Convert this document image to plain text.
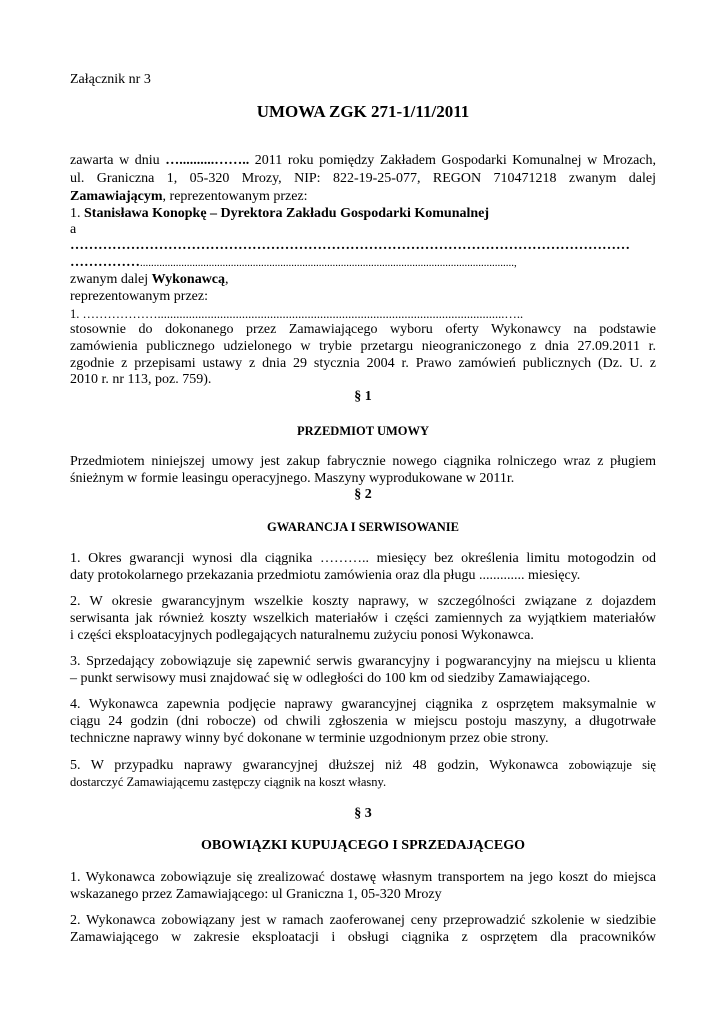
Załącznik nr 3
UMOWA ZGK 271-1/11/2011
zawarta w dniu …..........…….. 2011 roku pomiędzy Zakładem Gospodarki Komunalnej w Mrozach,
ul. Graniczna 1, 05-320 Mrozy, NIP: 822-19-25-077, REGON 710471218 zwanym dalej
Zamawiającym, reprezentowanym przez:
1. Stanisława Konopkę – Dyrektora Zakładu Gospodarki Komunalnej
a
…………………………………………………………………………………………………………
……………........................................................................................................................................,
zwanym dalej Wykonawcą,
reprezentowanym przez:
1. ………………...............................................................................................................…..
stosownie do dokonanego przez Zamawiającego wyboru oferty Wykonawcy na podstawie
zamówienia publicznego udzielonego w trybie przetargu nieograniczonego z dnia 27.09.2011 r.
zgodnie z przepisami ustawy z dnia 29 stycznia 2004 r. Prawo zamówień publicznych (Dz. U. z
2010 r. nr 113, poz. 759).
§ 1
PRZEDMIOT UMOWY
Przedmiotem niniejszej umowy jest zakup fabrycznie nowego ciągnika rolniczego wraz z pługiem
śnieżnym w formie leasingu operacyjnego. Maszyny wyprodukowane w 2011r.
§ 2
GWARANCJA I SERWISOWANIE
1. Okres gwarancji wynosi dla ciągnika ……….. miesięcy bez określenia limitu motogodzin od
daty protokolarnego przekazania przedmiotu zamówienia oraz dla pługu ............. miesięcy.
2. W okresie gwarancyjnym wszelkie koszty naprawy, w szczególności związane z dojazdem
serwisanta jak również koszty wszelkich materiałów i części zamiennych za wyjątkiem materiałów
i części eksploatacyjnych podlegających naturalnemu zużyciu ponosi Wykonawca.
3. Sprzedający zobowiązuje się zapewnić serwis gwarancyjny i pogwarancyjny na miejscu u klienta
– punkt serwisowy musi znajdować się w odległości do 100 km od siedziby Zamawiającego.
4. Wykonawca zapewnia podjęcie naprawy gwarancyjnej ciągnika z osprzętem maksymalnie w
ciągu 24 godzin (dni robocze) od chwili zgłoszenia w miejscu postoju maszyny, a długotrwałe
techniczne naprawy winny być dokonane w terminie uzgodnionym przez obie strony.
5. W przypadku naprawy gwarancyjnej dłuższej niż 48 godzin, Wykonawca zobowiązuje się
dostarczyć Zamawiającemu zastępczy ciągnik na koszt własny.
§ 3
OBOWIĄZKI KUPUJĄCEGO I SPRZEDAJĄCEGO
1. Wykonawca zobowiązuje się zrealizować dostawę własnym transportem na jego koszt do miejsca
wskazanego przez Zamawiającego: ul Graniczna 1, 05-320 Mrozy
2. Wykonawca zobowiązany jest w ramach zaoferowanej ceny przeprowadzić szkolenie w siedzibie
Zamawiającego w zakresie eksploatacji i obsługi ciągnika z osprzętem dla pracowników
